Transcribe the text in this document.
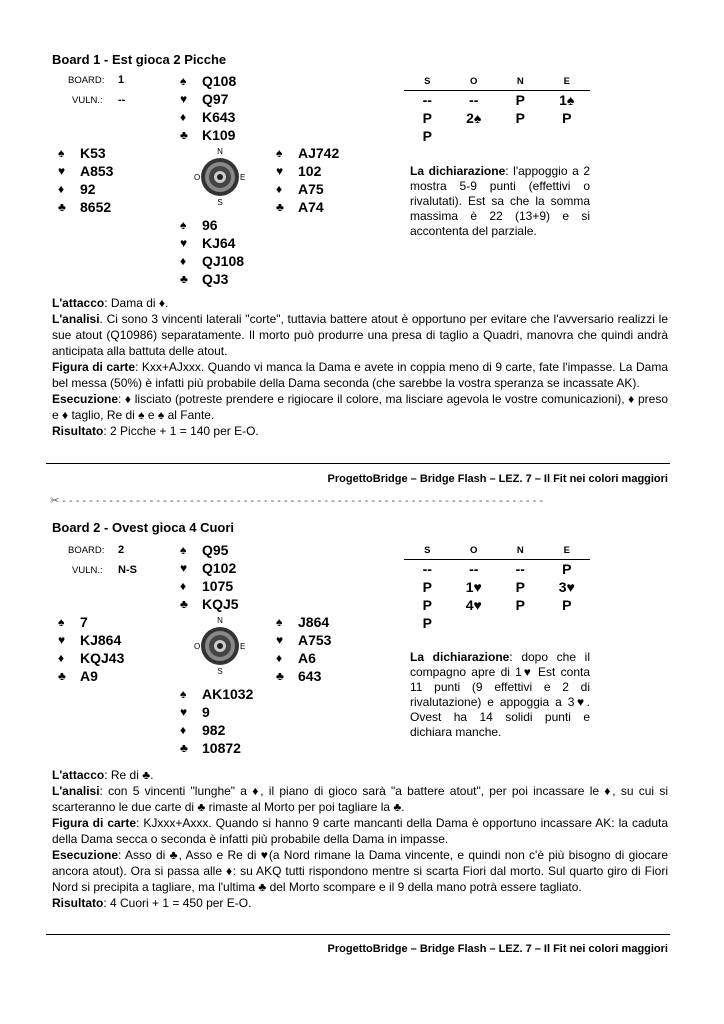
Board 1 - Est gioca 2 Picche
BOARD: 1
VULN.: --
♠	Q108
♥	Q97
♦	K643
♣	K109
♠	K53
♥	A853
♦	92
♣	8652
N
S
O	E
♠	AJ742
♥	102
♦	A75
♣	A74
♠	96
♥	KJ64
♦	QJ108
♣	QJ3
S	O	N	E
--	--	P	1♠
P	2♠	P	P
P
La dichiarazione: l'appoggio a 2 mostra 5-9 punti (effettivi o rivalutati). Est sa che la somma massima è 22 (13+9) e si accontenta del parziale.

L'attacco: Dama di ♦.

L'analisi. Ci sono 3 vincenti laterali "corte", tuttavia battere atout è opportuno per evitare che l'avversario realizzi le sue atout (Q10986) separatamente. Il morto può produrre una presa di taglio a Quadri, manovra che quindi andrà anticipata alla battuta delle atout.

Figura di carte: Kxx+AJxxx. Quando vi manca la Dama e avete in coppia meno di 9 carte, fate l'impasse. La Dama bel messa (50%) è infatti più probabile della Dama seconda (che sarebbe la vostra speranza se incassate AK).

Esecuzione: ♦ lisciato (potreste prendere e rigiocare il colore, ma lisciare agevola le vostre comunicazioni), ♦ preso e ♦ taglio, Re di ♠ e ♠ al Fante.

Risultato: 2 Picche + 1 = 140 per E-O.

ProgettoBridge – Bridge Flash – LEZ. 7 – Il Fit nei colori maggiori
✂ - - - - - - - - - - - - - - - - - - - - - - - - - - - - - - - - - - - - - - - - - - - - - - - - - - - - - - - - - - - - - - - - - - - - - - - -
Board 2 - Ovest gioca 4 Cuori
BOARD: 2
VULN.: N-S
♠	Q95
♥	Q102
♦	1075
♣	KQJ5
♠	7
♥	KJ864
♦	KQJ43
♣	A9
N
S
O	E
♠	J864
♥	A753
♦	A6
♣	643
♠	AK1032
♥	9
♦	982
♣	10872
S	O	N	E
--	--	--	P
P	1♥	P	3♥
P	4♥	P	P
P
La dichiarazione: dopo che il compagno apre di 1♥ Est conta 11 punti (9 effettivi e 2 di rivalutazione) e appoggia a 3♥. Ovest ha 14 solidi punti e dichiara manche.

L'attacco: Re di ♣.

L'analisi: con 5 vincenti "lunghe" a ♦, il piano di gioco sarà "a battere atout", per poi incassare le ♦, su cui si scarteranno le due carte di ♣ rimaste al Morto per poi tagliare la ♣.

Figura di carte: KJxxx+Axxx. Quando si hanno 9 carte mancanti della Dama è opportuno incassare AK: la caduta della Dama secca o seconda è infatti più probabile della Dama in impasse.

Esecuzione: Asso di ♣, Asso e Re di ♥(a Nord rimane la Dama vincente, e quindi non c'è più bisogno di giocare ancora atout). Ora si passa alle ♦: su AKQ tutti rispondono mentre si scarta Fiori dal morto. Sul quarto giro di Fiori Nord si precipita a tagliare, ma l'ultima ♣ del Morto scompare e il 9 della mano potrà essere tagliato.

Risultato: 4 Cuori + 1 = 450 per E-O.

ProgettoBridge – Bridge Flash – LEZ. 7 – Il Fit nei colori maggiori
